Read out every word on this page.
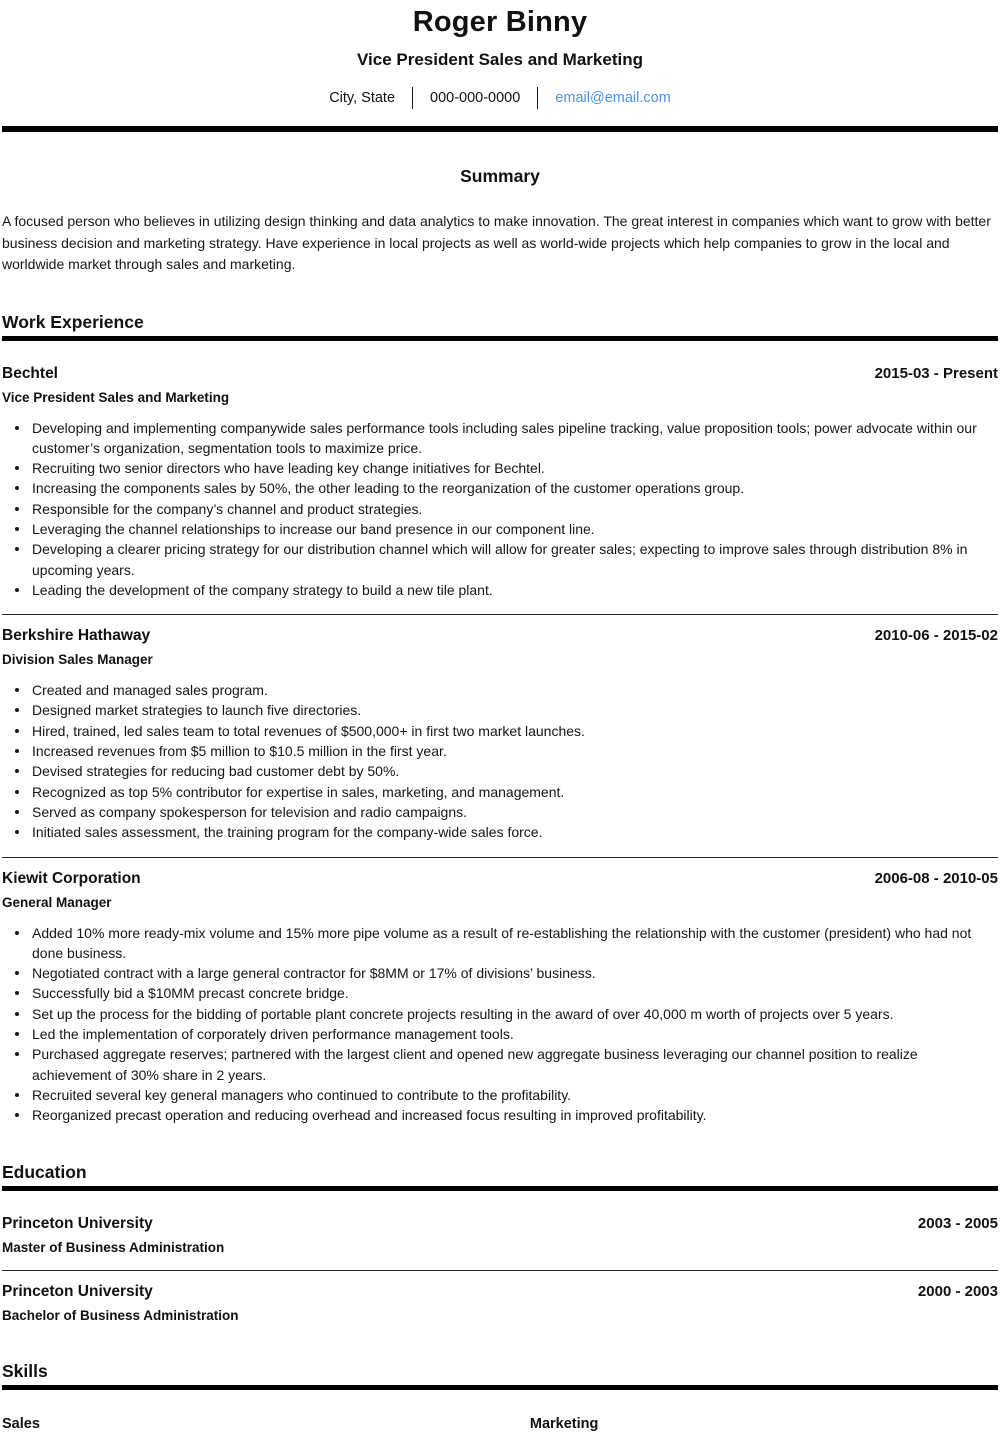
Roger Binny
Vice President Sales and Marketing
City, State	000-000-0000	email@email.com
Summary

A focused person who believes in utilizing design thinking and data analytics to make innovation. The great interest in companies which want to grow with better business decision and marketing strategy. Have experience in local projects as well as world-wide projects which help companies to grow in the local and worldwide market through sales and marketing.

Work Experience
Bechtel	2015-03 - Present
Vice President Sales and Marketing
Developing and implementing companywide sales performance tools including sales pipeline tracking, value proposition tools; power advocate within our customer’s organization, segmentation tools to maximize price.
Recruiting two senior directors who have leading key change initiatives for Bechtel.
Increasing the components sales by 50%, the other leading to the reorganization of the customer operations group.
Responsible for the company’s channel and product strategies.
Leveraging the channel relationships to increase our band presence in our component line.
Developing a clearer pricing strategy for our distribution channel which will allow for greater sales; expecting to improve sales through distribution 8% in upcoming years.
Leading the development of the company strategy to build a new tile plant.
Berkshire Hathaway	2010-06 - 2015-02
Division Sales Manager
Created and managed sales program.
Designed market strategies to launch five directories.
Hired, trained, led sales team to total revenues of $500,000+ in first two market launches.
Increased revenues from $5 million to $10.5 million in the first year.
Devised strategies for reducing bad customer debt by 50%.
Recognized as top 5% contributor for expertise in sales, marketing, and management.
Served as company spokesperson for television and radio campaigns.
Initiated sales assessment, the training program for the company-wide sales force.
Kiewit Corporation	2006-08 - 2010-05
General Manager
Added 10% more ready-mix volume and 15% more pipe volume as a result of re-establishing the relationship with the customer (president) who had not done business.
Negotiated contract with a large general contractor for $8MM or 17% of divisions’ business.
Successfully bid a $10MM precast concrete bridge.
Set up the process for the bidding of portable plant concrete projects resulting in the award of over 40,000 m worth of projects over 5 years.
Led the implementation of corporately driven performance management tools.
Purchased aggregate reserves; partnered with the largest client and opened new aggregate business leveraging our channel position to realize achievement of 30% share in 2 years.
Recruited several key general managers who continued to contribute to the profitability.
Reorganized precast operation and reducing overhead and increased focus resulting in improved profitability.
Education
Princeton University	2003 - 2005
Master of Business Administration
Princeton University	2000 - 2003
Bachelor of Business Administration
Skills
Sales	Marketing
